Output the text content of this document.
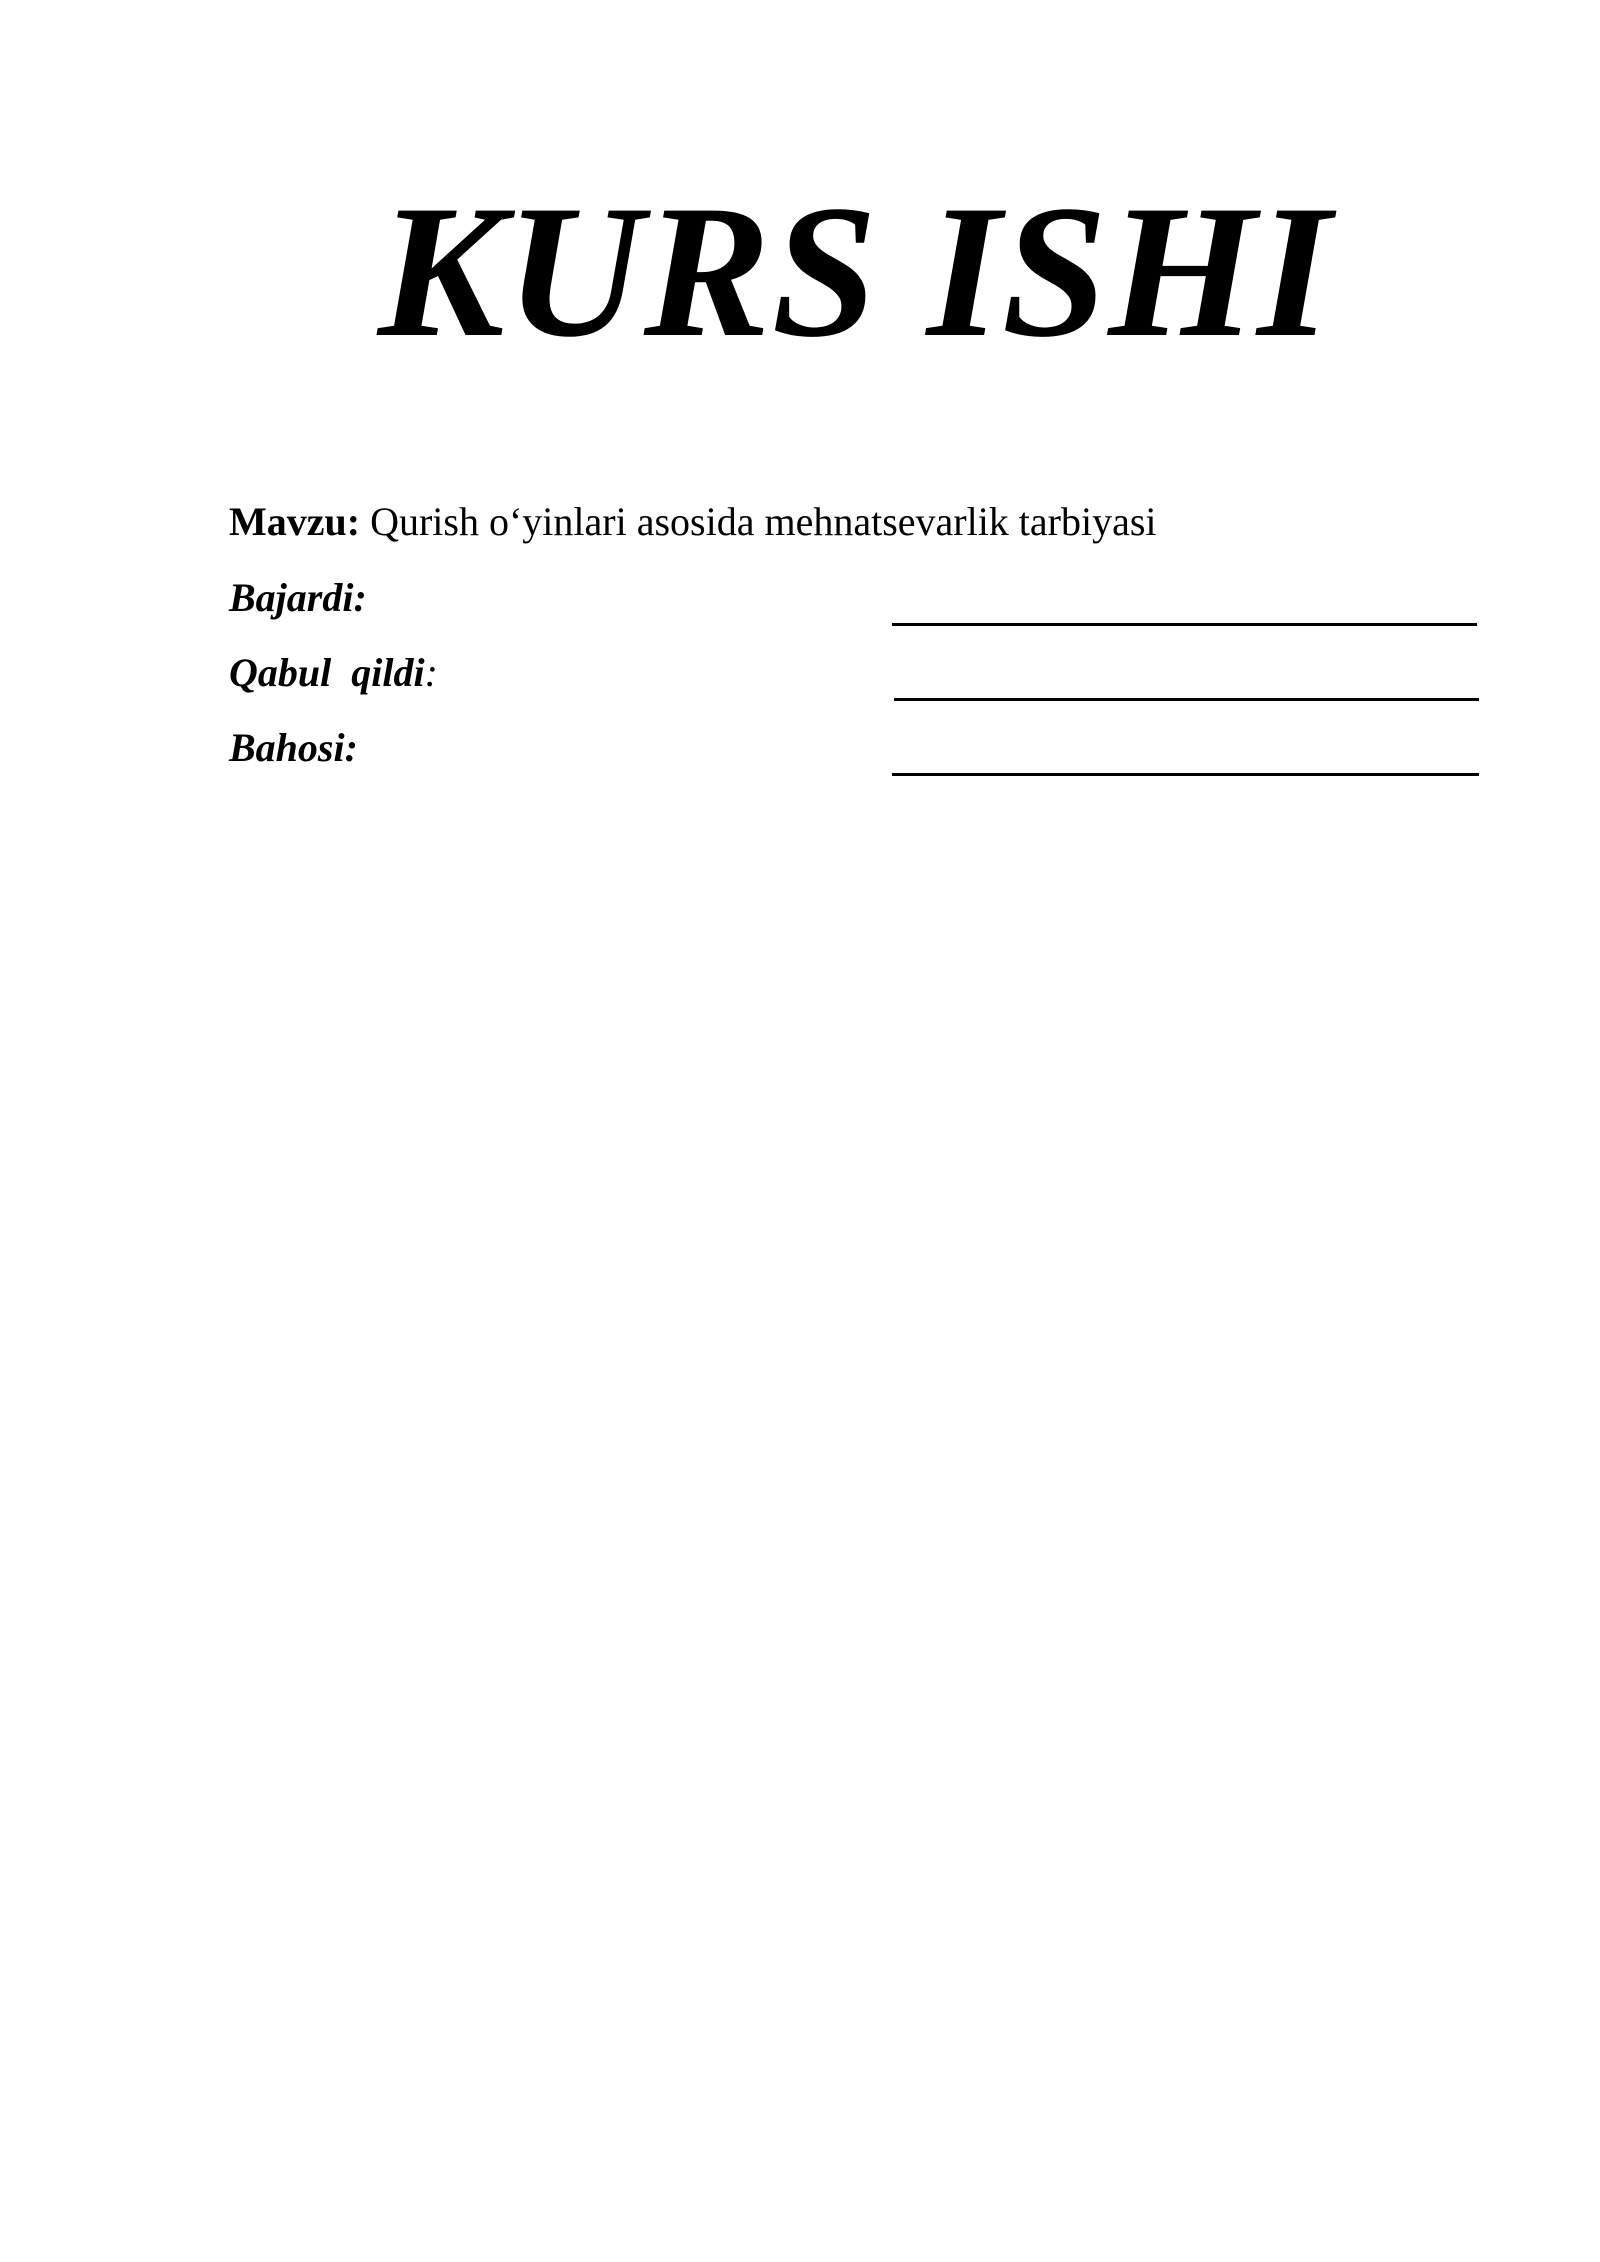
KURS ISHI
Mavzu: Qurish o‘yinlari asosida mehnatsevarlik tarbiyasi
Bajardi:
Qabul  qildi:
Bahosi:
